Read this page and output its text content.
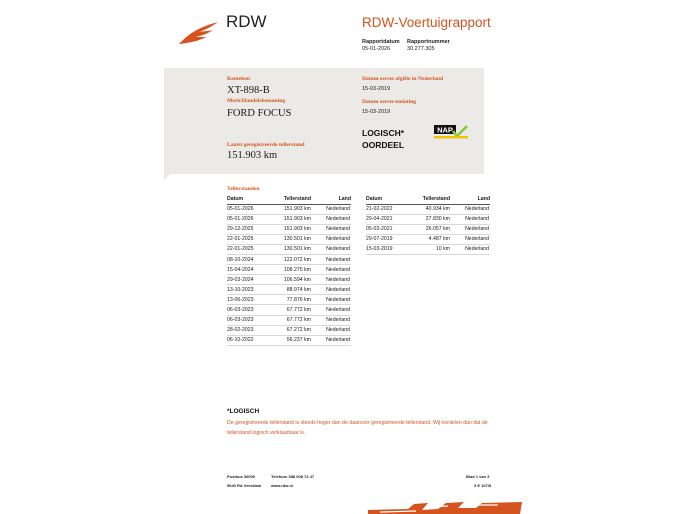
RDW	RDW-Voertuigrapport
Rapportdatum
05-01-2026
Rapportnummer
30.277.305
Kenteken
XT-898-B
Merk/Handelsbenaming
FORD FOCUS
Laatst geregistreerde tellerstand
151.903 km
Datum eerste afgifte in Nederland
15-03-2019
Datum eerste toelating
15-03-2019
LOGISCH*
OORDEEL
NAP
Tellerstanden
Datum	Tellerstand	Land
05-01-2026	151.903 km	Nederland
05-01-2026	151.903 km	Nederland
29-12-2025	151.903 km	Nederland
22-01-2025	130.501 km	Nederland
22-01-2025	130.501 km	Nederland
08-10-2024	122.072 km	Nederland
15-04-2024	108.275 km	Nederland
29-03-2024	106.594 km	Nederland
13-10-2023	88.974 km	Nederland
13-06-2023	77.876 km	Nederland
06-03-2023	67.772 km	Nederland
06-03-2023	67.772 km	Nederland
28-02-2023	67.272 km	Nederland
06-10-2022	56.237 km	Nederland
Datum	Tellerstand	Land
21-02-2022	40.934 km	Nederland
29-04-2021	27.830 km	Nederland
05-03-2021	26.057 km	Nederland
29-07-2019	4.487 km	Nederland
15-03-2019	10 km	Nederland
*LOGISCH
De geregistreerde tellerstand is steeds hoger dan de daarvoor geregistreerde tellerstand. Wij oordelen dan dat de tellerstand logisch verklaarbaar is.
Postbus 30000
9640 RA Veendam
Telefoon 088 008 74 47
www.rdw.nl
Blad 1 van 3
3 E 1073I
